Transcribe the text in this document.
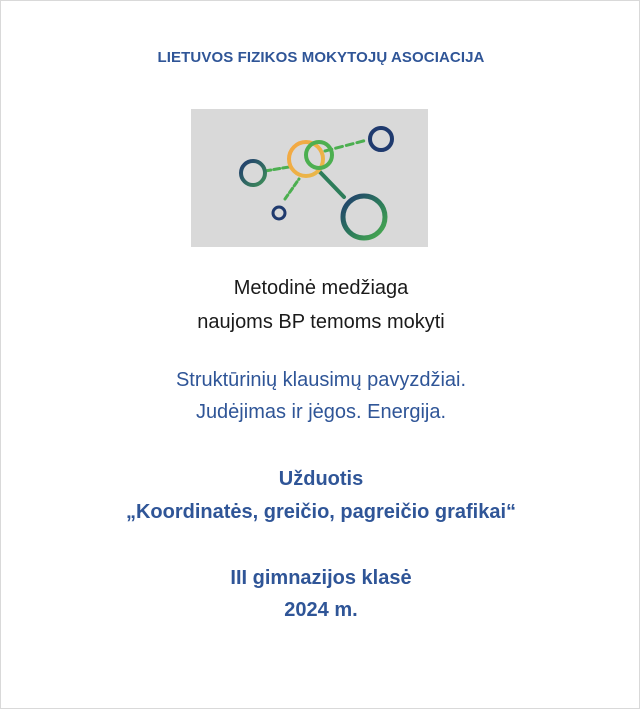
LIETUVOS FIZIKOS MOKYTOJŲ ASOCIACIJA
Metodinė medžiaga
naujoms BP temoms mokyti
Struktūrinių klausimų pavyzdžiai.
Judėjimas ir jėgos. Energija.
Užduotis
„Koordinatės, greičio, pagreičio grafikai“
III gimnazijos klasė
2024 m.
